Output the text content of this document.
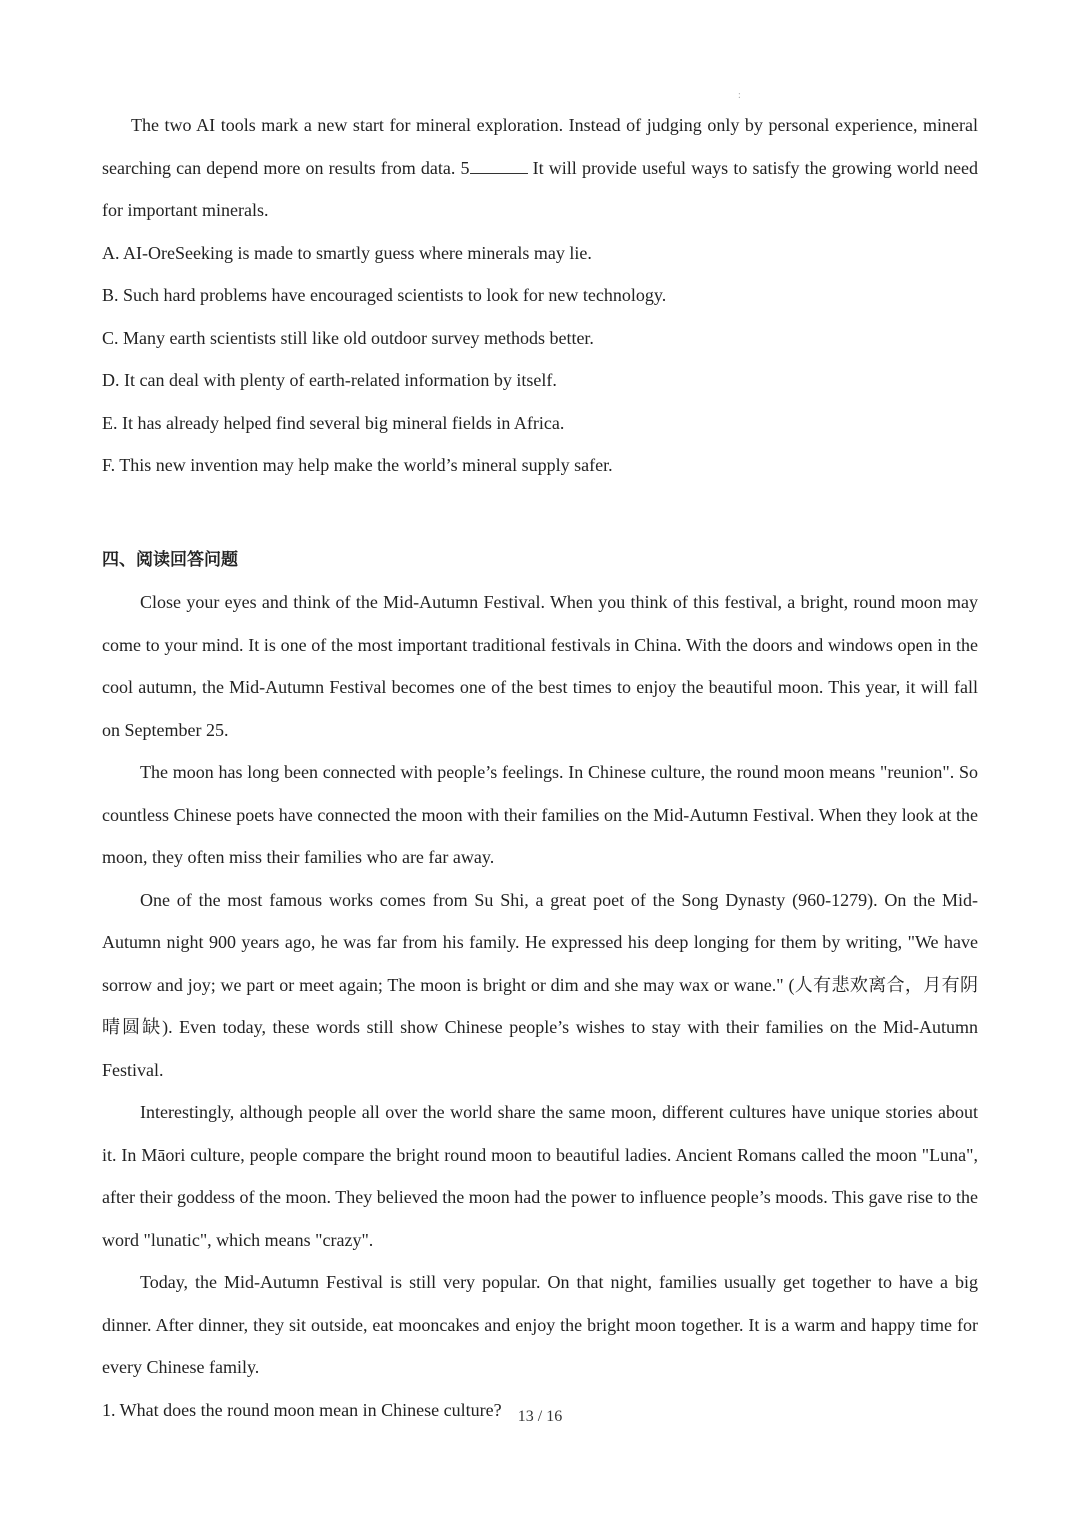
:

The two AI tools mark a new start for mineral exploration. Instead of judging only by personal experience, mineral searching can depend more on results from data. 5	It will provide useful ways to satisfy the growing world need for important minerals.

A. AI-OreSeeking is made to smartly guess where minerals may lie.

B. Such hard problems have encouraged scientists to look for new technology.

C. Many earth scientists still like old outdoor survey methods better.

D. It can deal with plenty of earth-related information by itself.

E. It has already helped find several big mineral fields in Africa.

F. This new invention may help make the world’s mineral supply safer.

四、阅读回答问题

Close your eyes and think of the Mid-Autumn Festival. When you think of this festival, a bright, round moon may come to your mind. It is one of the most important traditional festivals in China. With the doors and windows open in the cool autumn, the Mid-Autumn Festival becomes one of the best times to enjoy the beautiful moon. This year, it will fall on September 25.

The moon has long been connected with people’s feelings. In Chinese culture, the round moon means "reunion". So countless Chinese poets have connected the moon with their families on the Mid-Autumn Festival. When they look at the moon, they often miss their families who are far away.

One of the most famous works comes from Su Shi, a great poet of the Song Dynasty (960-1279). On the Mid-Autumn night 900 years ago, he was far from his family. He expressed his deep longing for them by writing, "We have sorrow and joy; we part or meet again; The moon is bright or dim and she may wax or wane." (人有悲欢离合，月有阴晴圆缺). Even today, these words still show Chinese people’s wishes to stay with their families on the Mid-Autumn Festival.

Interestingly, although people all over the world share the same moon, different cultures have unique stories about it. In Māori culture, people compare the bright round moon to beautiful ladies. Ancient Romans called the moon "Luna", after their goddess of the moon. They believed the moon had the power to influence people’s moods. This gave rise to the word "lunatic", which means "crazy".

Today, the Mid-Autumn Festival is still very popular. On that night, families usually get together to have a big dinner. After dinner, they sit outside, eat mooncakes and enjoy the bright moon together. It is a warm and happy time for every Chinese family.

1. What does the round moon mean in Chinese culture?	13 / 16
